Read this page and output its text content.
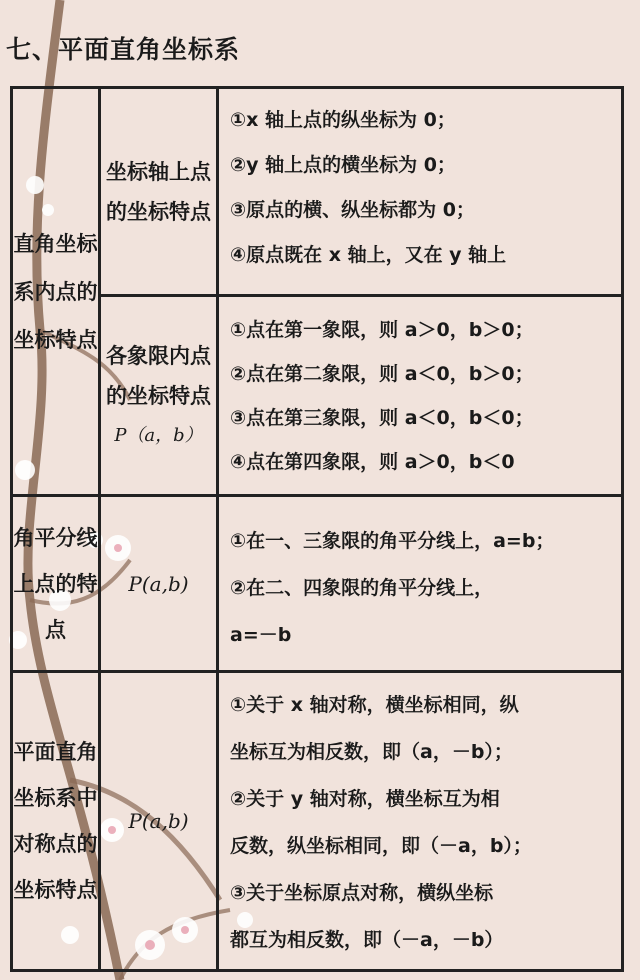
七、平面直角坐标系
直角坐标系内点的坐标特点
坐标轴上点的坐标特点
①x 轴上点的纵坐标为 0；
②y 轴上点的横坐标为 0；
③原点的横、纵坐标都为 0；
④原点既在 x 轴上，又在 y 轴上
各象限内点的坐标特点
P（a，b）
①点在第一象限，则 a＞0，b＞0；
②点在第二象限，则 a＜0，b＞0；
③点在第三象限，则 a＜0，b＜0；
④点在第四象限，则 a＞0，b＜0
角平分线上点的特点
P(a,b)
①在一、三象限的角平分线上，a=b；
②在二、四象限的角平分线上，
a=－b
平面直角坐标系中对称点的坐标特点
P(a,b)
①关于 x 轴对称，横坐标相同，纵
坐标互为相反数，即（a，－b）；
②关于 y 轴对称，横坐标互为相
反数，纵坐标相同，即（－a，b）；
③关于坐标原点对称，横纵坐标
都互为相反数，即（－a，－b）
